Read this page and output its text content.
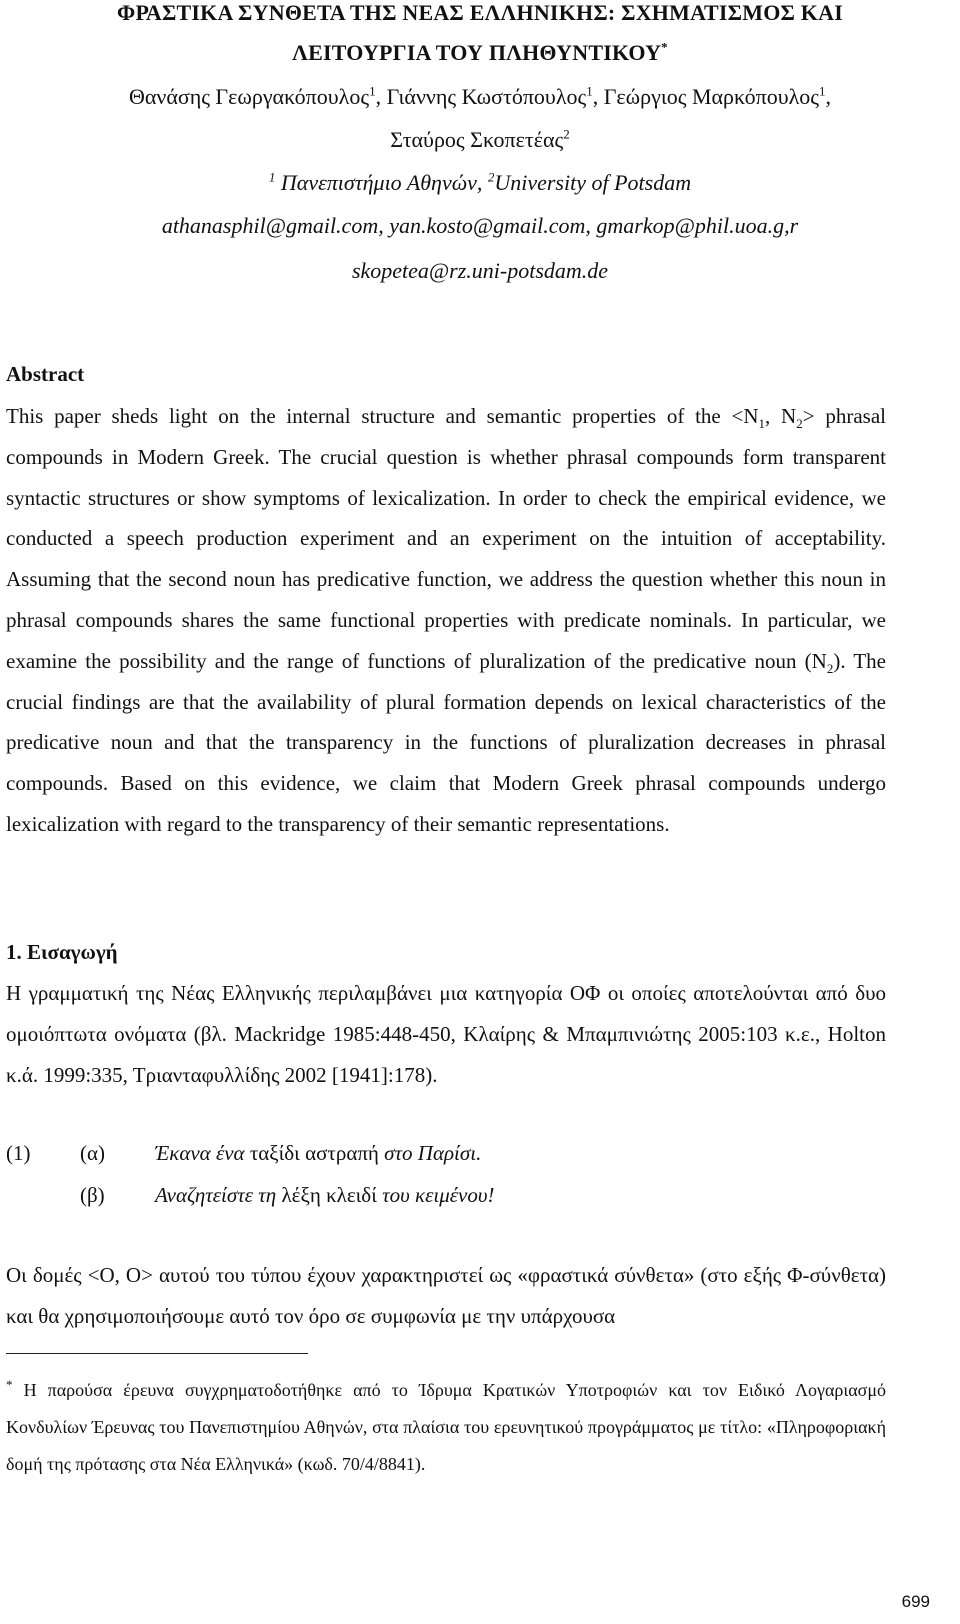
ΦΡΑΣΤΙΚΑ ΣΥΝΘΕΤΑ ΤΗΣ ΝΕΑΣ ΕΛΛΗΝΙΚΗΣ: ΣΧΗΜΑΤΙΣΜΟΣ ΚΑΙ
ΛΕΙΤΟΥΡΓΙΑ ΤΟΥ ΠΛΗΘΥΝΤΙΚΟΥ*
Θανάσης Γεωργακόπουλος$^1$, Γιάννης Κωστόπουλος$^1$, Γεώργιος Μαρκόπουλος$^1$,
Σταύρος Σκοπετέας$^2$
$^1$ Πανεπιστήμιο Αθηνών, $^2$University of Potsdam
athanasphil@gmail.com, yan.kosto@gmail.com, gmarkop@phil.uoa.g,r
skopetea@rz.uni-potsdam.de
Abstract

This paper sheds light on the internal structure and semantic properties of the $<N_1$, $N_2>$ phrasal compounds in Modern Greek. The crucial question is whether phrasal compounds form transparent syntactic structures or show symptoms of lexicalization. In order to check the empirical evidence, we conducted a speech production experiment and an experiment on the intuition of acceptability. Assuming that the second noun has predicative function, we address the question whether this noun in phrasal compounds shares the same functional properties with predicate nominals. In particular, we examine the possibility and the range of functions of pluralization of the predicative noun $(N_2)$. The crucial findings are that the availability of plural formation depends on lexical characteristics of the predicative noun and that the transparency in the functions of pluralization decreases in phrasal compounds. Based on this evidence, we claim that Modern Greek phrasal compounds undergo lexicalization with regard to the transparency of their semantic representations.

1. Εισαγωγή

Η γραμματική της Νέας Ελληνικής περιλαμβάνει μια κατηγορία ΟΦ οι οποίες αποτελούνται από δυο ομοιόπτωτα ονόματα (βλ. Mackridge 1985:448-450, Κλαίρης & Μπαμπινιώτης 2005:103 κ.ε., Holton κ.ά. 1999:335, Τριανταφυλλίδης 2002 [1941]:178).

(1) (α) Έκανα ένα ταξίδι αστραπή στο Παρίσι.
(β) Αναζητείστε τη λέξη κλειδί του κειμένου!

Οι δομές <Ο, Ο> αυτού του τύπου έχουν χαρακτηριστεί ως «φραστικά σύνθετα» (στο εξής Φ-σύνθετα) και θα χρησιμοποιήσουμε αυτό τον όρο σε συμφωνία με την υπάρχουσα

* Η παρούσα έρευνα συγχρηματοδοτήθηκε από το Ίδρυμα Κρατικών Υποτροφιών και τον Ειδικό Λογαριασμό Κονδυλίων Έρευνας του Πανεπιστημίου Αθηνών, στα πλαίσια του ερευνητικού προγράμματος με τίτλο: «Πληροφοριακή δομή της πρότασης στα Νέα Ελληνικά» (κωδ. 70/4/8841).

699
